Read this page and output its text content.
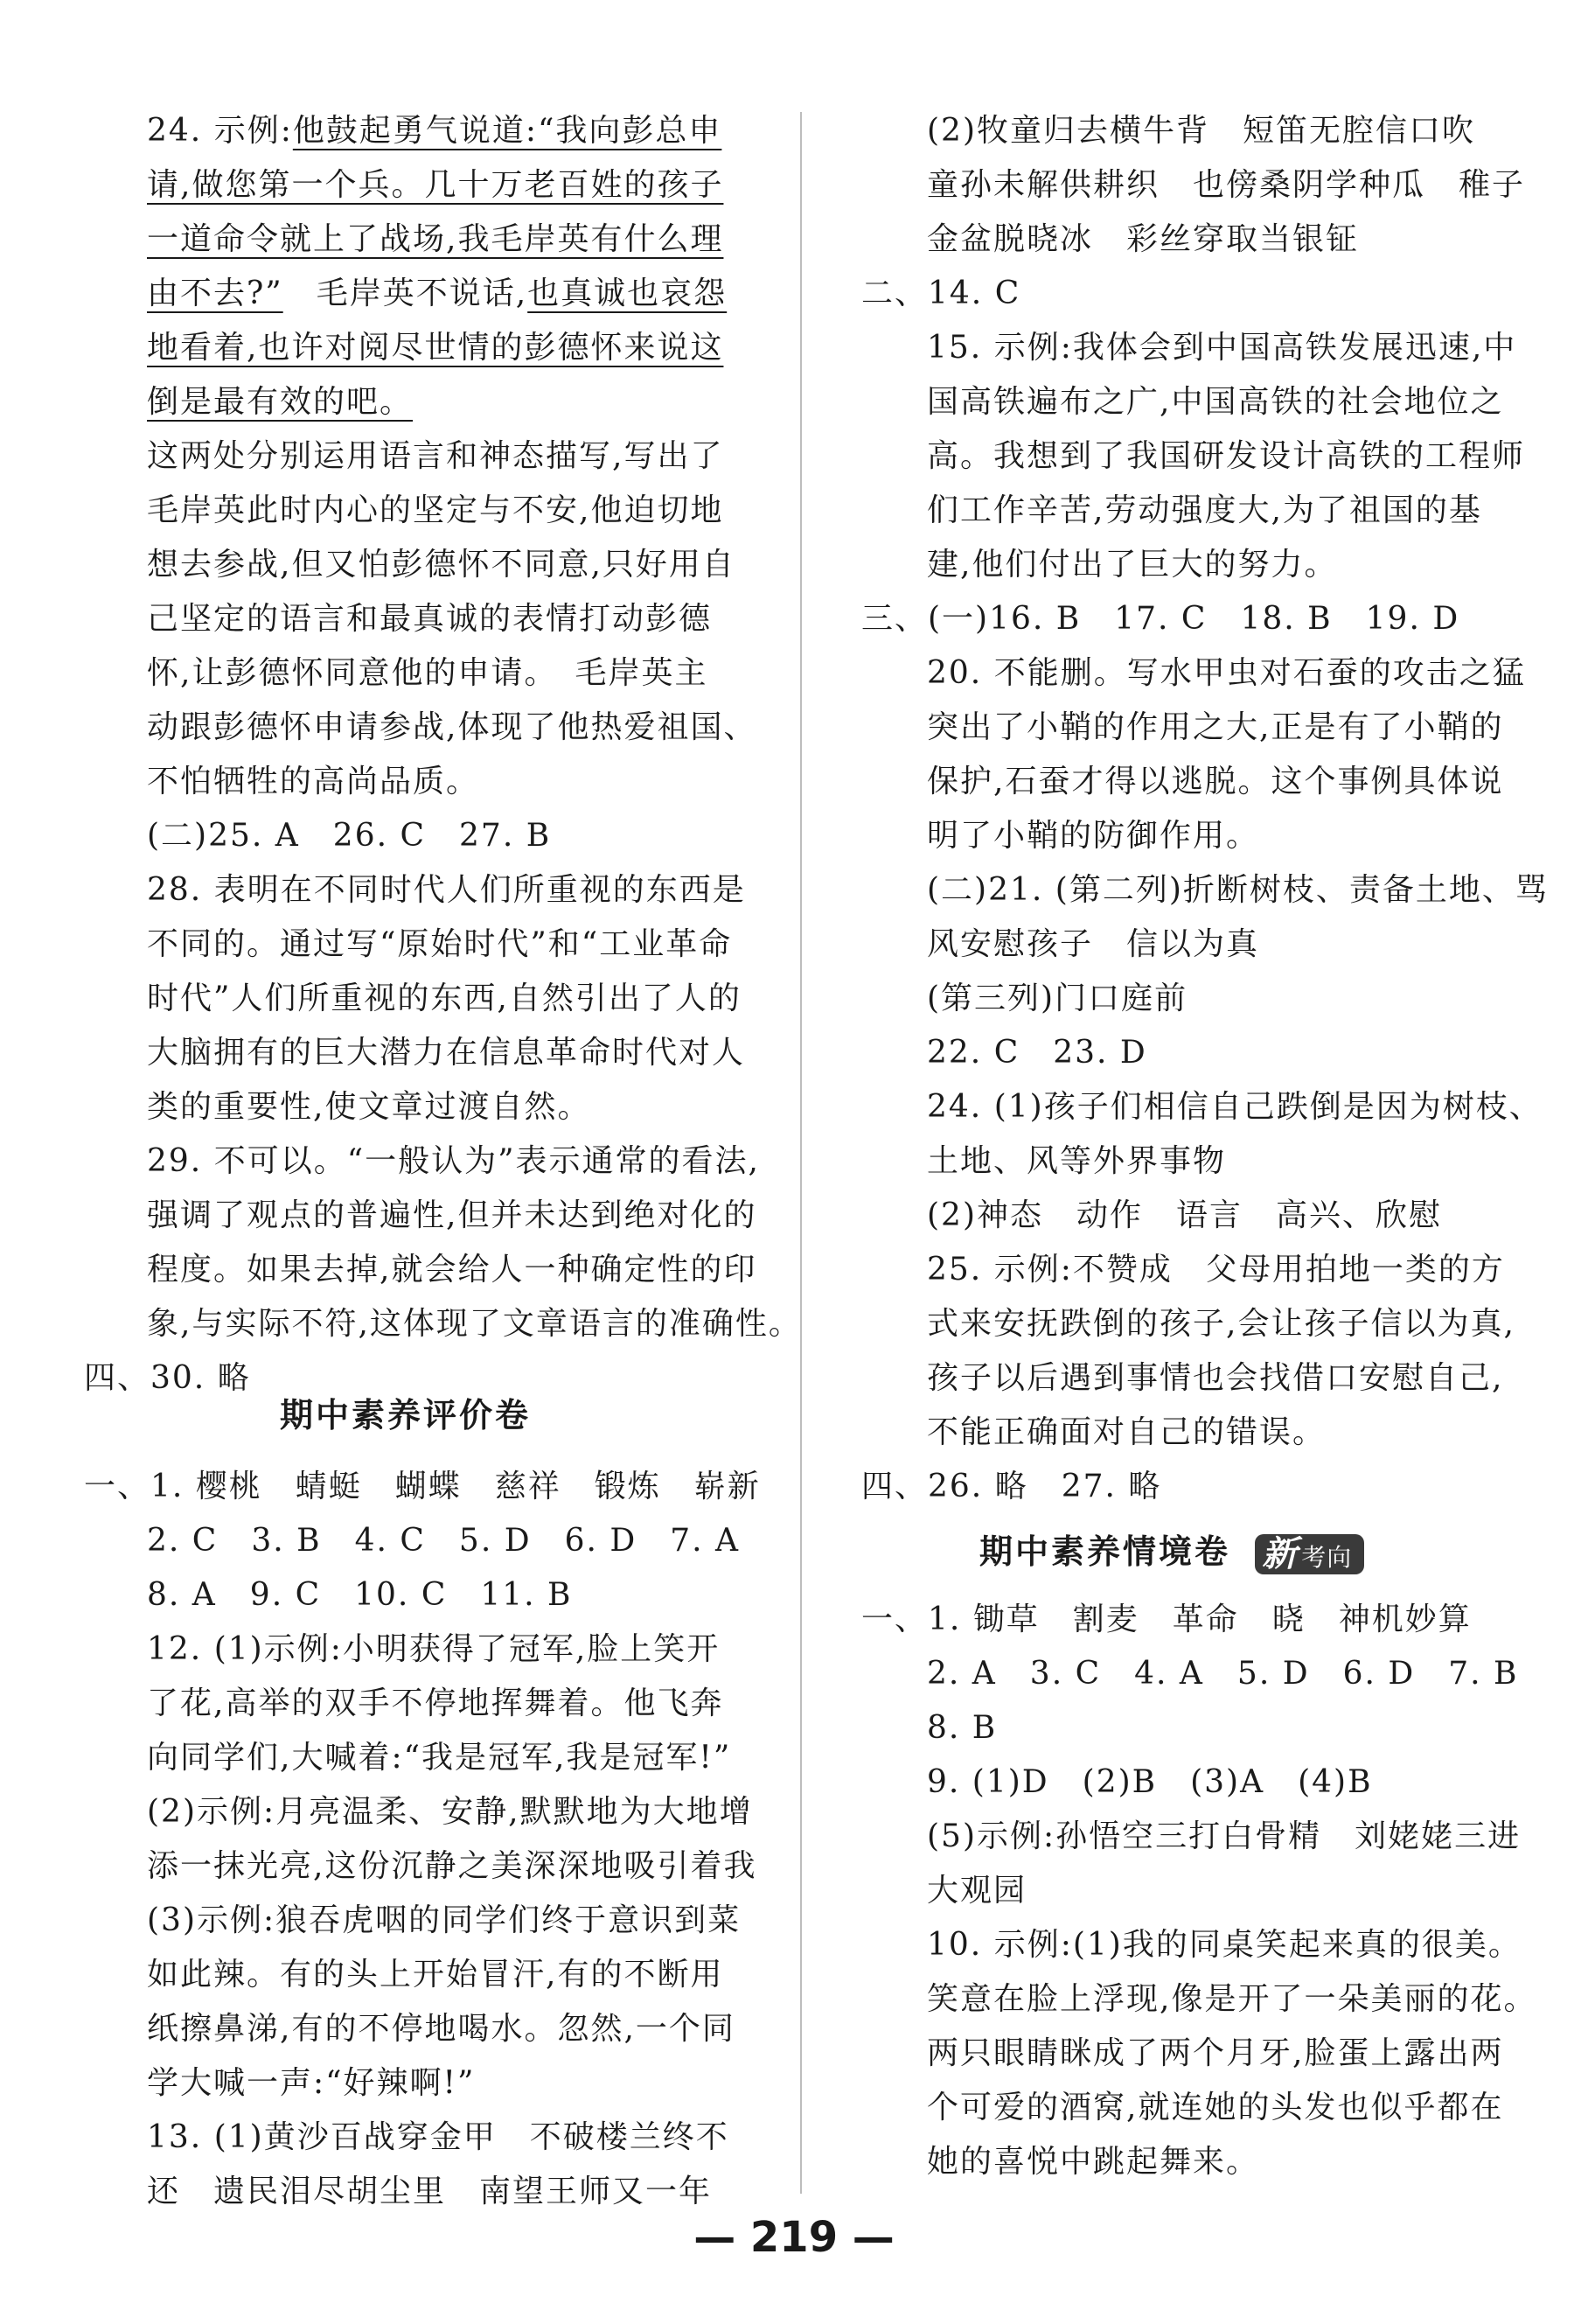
24. 示例:他鼓起勇气说道:“我向彭总申
请,做您第一个兵。几十万老百姓的孩子
一道命令就上了战场,我毛岸英有什么理
由不去?”　毛岸英不说话,也真诚也哀怨
地看着,也许对阅尽世情的彭德怀来说这
倒是最有效的吧。
这两处分别运用语言和神态描写,写出了
毛岸英此时内心的坚定与不安,他迫切地
想去参战,但又怕彭德怀不同意,只好用自
己坚定的语言和最真诚的表情打动彭德
怀,让彭德怀同意他的申请。　毛岸英主
动跟彭德怀申请参战,体现了他热爱祖国、
不怕牺牲的高尚品质。
(二)25. A　26. C　27. B
28. 表明在不同时代人们所重视的东西是
不同的。通过写“原始时代”和“工业革命
时代”人们所重视的东西,自然引出了人的
大脑拥有的巨大潜力在信息革命时代对人
类的重要性,使文章过渡自然。
29. 不可以。“一般认为”表示通常的看法,
强调了观点的普遍性,但并未达到绝对化的
程度。如果去掉,就会给人一种确定性的印
象,与实际不符,这体现了文章语言的准确性。
四、30. 略
一、1. 樱桃　蜻蜓　蝴蝶　慈祥　锻炼　崭新
2. C　3. B　4. C　5. D　6. D　7. A
8. A　9. C　10. C　11. B
12. (1)示例:小明获得了冠军,脸上笑开
了花,高举的双手不停地挥舞着。他飞奔
向同学们,大喊着:“我是冠军,我是冠军!”
(2)示例:月亮温柔、安静,默默地为大地增
添一抹光亮,这份沉静之美深深地吸引着我
(3)示例:狼吞虎咽的同学们终于意识到菜
如此辣。有的头上开始冒汗,有的不断用
纸擦鼻涕,有的不停地喝水。忽然,一个同
学大喊一声:“好辣啊!”
13. (1)黄沙百战穿金甲　不破楼兰终不
还　遗民泪尽胡尘里　南望王师又一年
(2)牧童归去横牛背　短笛无腔信口吹
童孙未解供耕织　也傍桑阴学种瓜　稚子
金盆脱晓冰　彩丝穿取当银钲
二、14. C
15. 示例:我体会到中国高铁发展迅速,中
国高铁遍布之广,中国高铁的社会地位之
高。我想到了我国研发设计高铁的工程师
们工作辛苦,劳动强度大,为了祖国的基
建,他们付出了巨大的努力。
三、(一)16. B　17. C　18. B　19. D
20. 不能删。写水甲虫对石蚕的攻击之猛
突出了小鞘的作用之大,正是有了小鞘的
保护,石蚕才得以逃脱。这个事例具体说
明了小鞘的防御作用。
(二)21. (第二列)折断树枝、责备土地、骂
风安慰孩子　信以为真
(第三列)门口庭前
22. C　23. D
24. (1)孩子们相信自己跌倒是因为树枝、
土地、风等外界事物
(2)神态　动作　语言　高兴、欣慰
25. 示例:不赞成　父母用拍地一类的方
式来安抚跌倒的孩子,会让孩子信以为真,
孩子以后遇到事情也会找借口安慰自己,
不能正确面对自己的错误。
四、26. 略　27. 略
一、1. 锄草　割麦　革命　晓　神机妙算
2. A　3. C　4. A　5. D　6. D　7. B
8. B
9. (1)D　(2)B　(3)A　(4)B
(5)示例:孙悟空三打白骨精　刘姥姥三进
大观园
10. 示例:(1)我的同桌笑起来真的很美。
笑意在脸上浮现,像是开了一朵美丽的花。
两只眼睛眯成了两个月牙,脸蛋上露出两
个可爱的酒窝,就连她的头发也似乎都在
她的喜悦中跳起舞来。
期中素养评价卷
期中素养情境卷 新 考向
— 219 —
